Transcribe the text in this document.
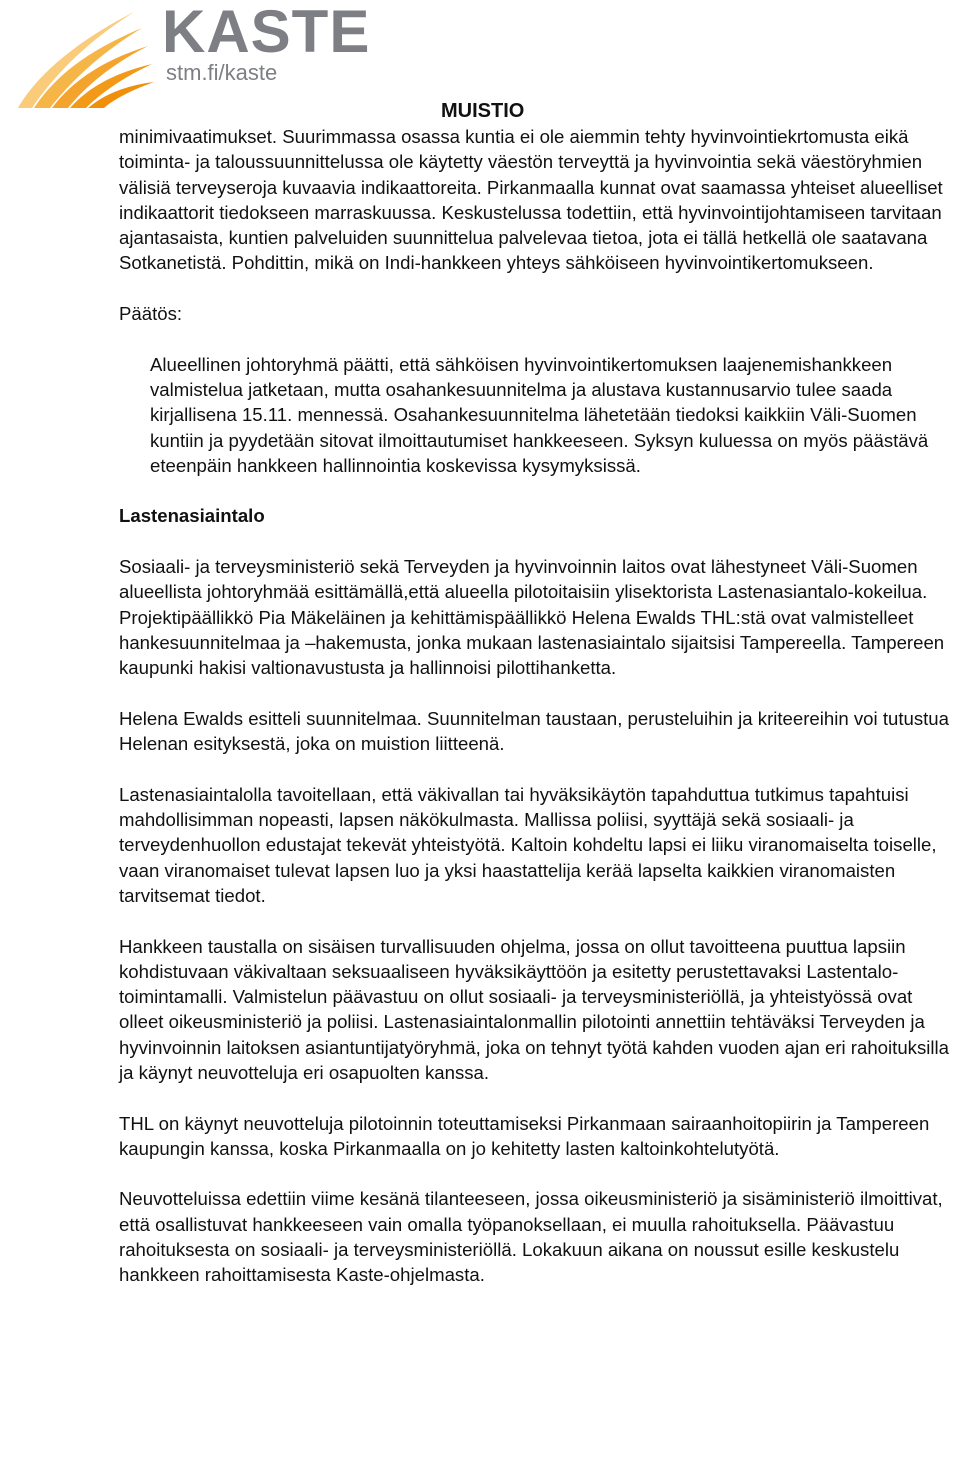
KASTE
stm.fi/kaste
MUISTIO

minimivaatimukset. Suurimmassa osassa kuntia ei ole aiemmin tehty hyvinvointiekrtomusta eikä toiminta- ja taloussuunnittelussa ole käytetty väestön terveyttä ja hyvinvointia sekä väestöryhmien välisiä terveyseroja kuvaavia indikaattoreita. Pirkanmaalla kunnat ovat saamassa yhteiset alueelliset indikaattorit tiedokseen marraskuussa. Keskustelussa todettiin, että hyvinvointijohtamiseen tarvitaan ajantasaista, kuntien palveluiden suunnittelua palvelevaa tietoa, jota ei tällä hetkellä ole saatavana Sotkanetistä. Pohdittin, mikä on Indi-hankkeen yhteys sähköiseen hyvinvointikertomukseen.

Päätös:

Alueellinen johtoryhmä päätti, että sähköisen hyvinvointikertomuksen laajenemishankkeen valmistelua jatketaan, mutta osahankesuunnitelma ja alustava kustannusarvio tulee saada kirjallisena 15.11. mennessä. Osahankesuunnitelma lähetetään tiedoksi kaikkiin Väli-Suomen kuntiin ja pyydetään sitovat ilmoittautumiset hankkeeseen. Syksyn kuluessa on myös päästävä eteenpäin hankkeen hallinnointia koskevissa kysymyksissä.

Lastenasiaintalo

Sosiaali- ja terveysministeriö sekä Terveyden ja hyvinvoinnin laitos ovat lähestyneet Väli-Suomen alueellista johtoryhmää esittämällä,että alueella pilotoitaisiin ylisektorista Lastenasiantalo-kokeilua. Projektipäällikkö Pia Mäkeläinen ja kehittämispäällikkö Helena Ewalds THL:stä ovat valmistelleet hankesuunnitelmaa ja –hakemusta, jonka mukaan lastenasiaintalo sijaitsisi Tampereella. Tampereen kaupunki hakisi valtionavustusta ja hallinnoisi pilottihanketta.

Helena Ewalds esitteli suunnitelmaa. Suunnitelman taustaan, perusteluihin ja kriteereihin voi tutustua Helenan esityksestä, joka on muistion liitteenä.

Lastenasiaintalolla tavoitellaan, että väkivallan tai hyväksikäytön tapahduttua tutkimus tapahtuisi mahdollisimman nopeasti, lapsen näkökulmasta. Mallissa poliisi, syyttäjä sekä sosiaali- ja terveydenhuollon edustajat tekevät yhteistyötä. Kaltoin kohdeltu lapsi ei liiku viranomaiselta toiselle, vaan viranomaiset tulevat lapsen luo ja yksi haastattelija kerää lapselta kaikkien viranomaisten tarvitsemat tiedot.

Hankkeen taustalla on sisäisen turvallisuuden ohjelma, jossa on ollut tavoitteena puuttua lapsiin kohdistuvaan väkivaltaan seksuaaliseen hyväksikäyttöön ja esitetty perustettavaksi Lastentalo-toimintamalli. Valmistelun päävastuu on ollut sosiaali- ja terveysministeriöllä, ja yhteistyössä ovat olleet oikeusministeriö ja poliisi. Lastenasiaintalonmallin pilotointi annettiin tehtäväksi Terveyden ja hyvinvoinnin laitoksen asiantuntijatyöryhmä, joka on tehnyt työtä kahden vuoden ajan eri rahoituksilla ja käynyt neuvotteluja eri osapuolten kanssa.

THL on käynyt neuvotteluja pilotoinnin toteuttamiseksi Pirkanmaan sairaanhoitopiirin ja Tampereen kaupungin kanssa, koska Pirkanmaalla on jo kehitetty lasten kaltoinkohtelutyötä.

Neuvotteluissa edettiin viime kesänä tilanteeseen, jossa oikeusministeriö ja sisäministeriö ilmoittivat, että osallistuvat hankkeeseen vain omalla työpanoksellaan, ei muulla rahoituksella. Päävastuu rahoituksesta on sosiaali- ja terveysministeriöllä. Lokakuun aikana on noussut esille keskustelu hankkeen rahoittamisesta Kaste-ohjelmasta.
